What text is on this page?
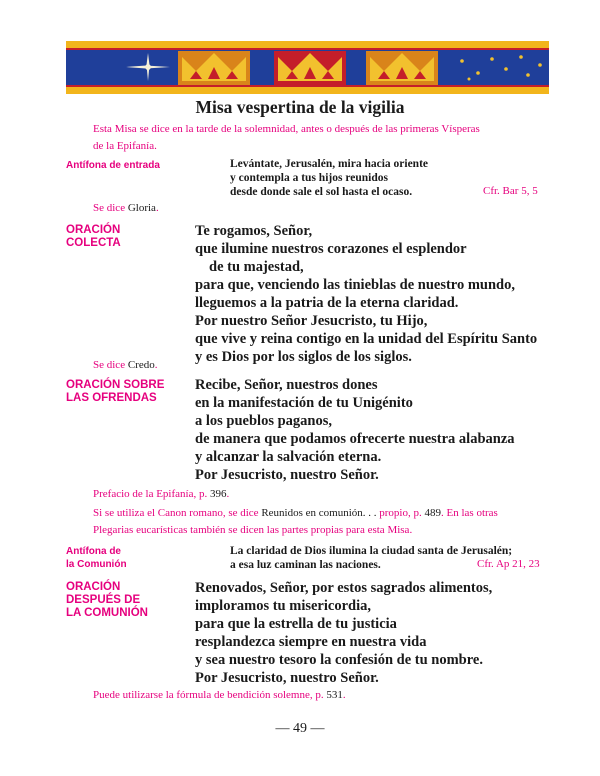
Misa vespertina de la vigilia
Esta Misa se dice en la tarde de la solemnidad, antes o después de las primeras Vísperas
de la Epifanía.
Antífona de entrada	Levántate, Jerusalén, mira hacia oriente
y contempla a tus hijos reunidos
desde donde sale el sol hasta el ocaso.	Cfr. Bar 5, 5
Se dice Gloria.
ORACIÓN
COLECTA
Te rogamos, Señor,
que ilumine nuestros corazones el esplendor
de tu majestad,
para que, venciendo las tinieblas de nuestro mundo,
lleguemos a la patria de la eterna claridad.
Por nuestro Señor Jesucristo, tu Hijo,
que vive y reina contigo en la unidad del Espíritu Santo
y es Dios por los siglos de los siglos.
Se dice Credo.
ORACIÓN SOBRE
LAS OFRENDAS
Recibe, Señor, nuestros dones
en la manifestación de tu Unigénito
a los pueblos paganos,
de manera que podamos ofrecerte nuestra alabanza
y alcanzar la salvación eterna.
Por Jesucristo, nuestro Señor.
Prefacio de la Epifanía, p. 396.
Si se utiliza el Canon romano, se dice Reunidos en comunión. . . propio, p. 489. En las otras
Plegarias eucarísticas también se dicen las partes propias para esta Misa.
Antífona de
la Comunión
La claridad de Dios ilumina la ciudad santa de Jerusalén;
a esa luz caminan las naciones.	Cfr. Ap 21, 23
ORACIÓN
DESPUÉS DE
LA COMUNIÓN
Renovados, Señor, por estos sagrados alimentos,
imploramos tu misericordia,
para que la estrella de tu justicia
resplandezca siempre en nuestra vida
y sea nuestro tesoro la confesión de tu nombre.
Por Jesucristo, nuestro Señor.
Puede utilizarse la fórmula de bendición solemne, p. 531.
— 49 —
